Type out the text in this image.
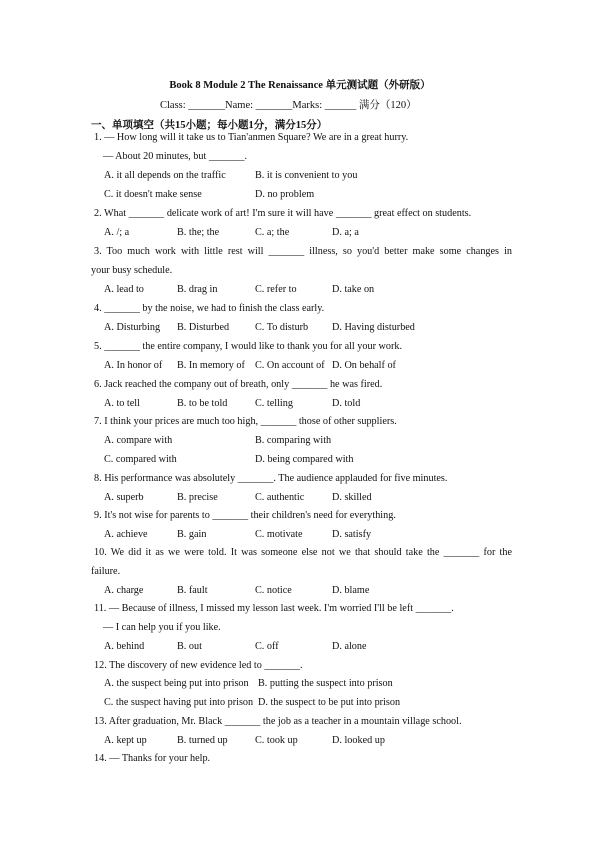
Book 8 Module 2 The Renaissance 单元测试题（外研版）
Class: _______Name: _______Marks: ______ 满分（120）
一、单项填空（共15小题；每小题1分，满分15分）
1. — How long will it take us to Tian'anmen Square? We are in a great hurry.
— About 20 minutes, but _______.
A. it all depends on the traffic	B. it is convenient to you
C. it doesn't make sense	D. no problem
2. What _______ delicate work of art! I'm sure it will have _______ great effect on students.
A. /; a	B. the; the	C. a; the	D. a; a
3. Too much work with little rest will _______ illness, so you'd better make some changes in
your busy schedule.
A. lead to	B. drag in	C. refer to	D. take on
4. _______ by the noise, we had to finish the class early.
A. Disturbing B. Disturbed	C. To disturb D. Having disturbed
5. _______ the entire company, I would like to thank you for all your work.
A. In honor of B. In memory of C. On account of D. On behalf of
6. Jack reached the company out of breath, only _______ he was fired.
A. to tell	B. to be told	C. telling	D. told
7. I think your prices are much too high, _______ those of other suppliers.
A. compare with	B. comparing with
C. compared with	D. being compared with
8. His performance was absolutely _______. The audience applauded for five minutes.
A. superb	B. precise	C. authentic	D. skilled
9. It's not wise for parents to _______ their children's need for everything.
A. achieve	B. gain	C. motivate	D. satisfy
10. We did it as we were told. It was someone else not we that should take the _______ for the
failure.
A. charge	B. fault	C. notice	D. blame
11. — Because of illness, I missed my lesson last week. I'm worried I'll be left _______.
— I can help you if you like.
A. behind	B. out	C. off	D. alone
12. The discovery of new evidence led to _______.
A. the suspect being put into prison B. putting the suspect into prison
C. the suspect having put into prison D. the suspect to be put into prison
13. After graduation, Mr. Black _______ the job as a teacher in a mountain village school.
A. kept up	B. turned up	C. took up	D. looked up
14. — Thanks for your help.
